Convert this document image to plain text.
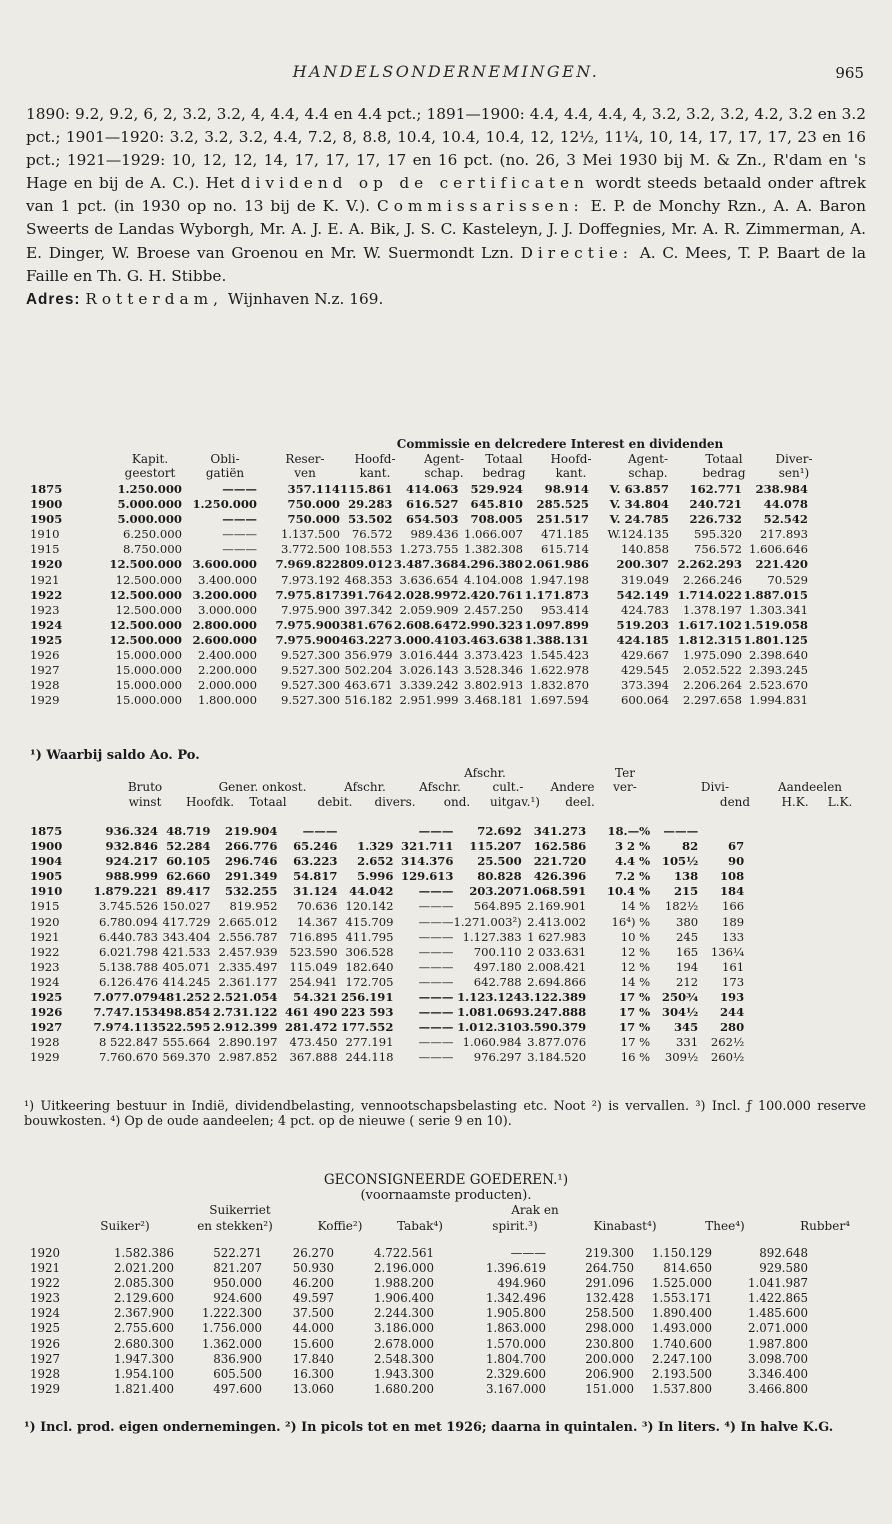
HANDELSONDERNEMINGEN.	965

1890: 9.2, 9.2, 6, 2, 3.2, 3.2, 4, 4.4, 4.4 en 4.4 pct.; 1891—1900: 4.4, 4.4, 4.4, 4, 3.2, 3.2, 3.2, 4.2, 3.2 en 3.2 pct.; 1901—1920: 3.2, 3.2, 3.2, 4.4, 7.2, 8, 8.8, 10.4, 10.4, 10.4, 12, 12½, 11¼, 10, 14, 17, 17, 17, 23 en 16 pct.; 1921—1929: 10, 12, 12, 14, 17, 17, 17, 17 en 16 pct. (no. 26, 3 Mei 1930 bij M. & Zn., R'dam en 's Hage en bij de A. C.). Het dividend op de certificaten wordt steeds betaald onder aftrek van 1 pct. (in 1930 op no. 13 bij de K. V.). Commissarissen: E. P. de Monchy Rzn., A. A. Baron Sweerts de Landas Wyborgh, Mr. A. J. E. A. Bik, J. S. C. Kasteleyn, J. J. Doffegnies, Mr. A. R. Zimmerman, A. E. Dinger, W. Broese van Groenou en Mr. W. Suermondt Lzn. Directie: A. C. Mees, T. P. Baart de la Faille en Th. G. H. Stibbe.

Adres: Rotterdam, Wijnhaven N.z. 169.

Commissie en delcredere Interest en dividenden
Kapit.	Obli-	Reser-	Hoofd-	Agent-	Totaal	Hoofd-	Agent-	Totaal	Diver-
geestort	gatiën	ven	kant.	schap.	bedrag	kant.	schap.	bedrag	sen¹)
1875	1.250.000	———	357.114	115.861	414.063	529.924	98.914	V. 63.857	162.771	238.984
1900	5.000.000	1.250.000	750.000	29.283	616.527	645.810	285.525	V. 34.804	240.721	44.078
1905	5.000.000	———	750.000	53.502	654.503	708.005	251.517	V. 24.785	226.732	52.542
1910	6.250.000	———	1.137.500	76.572	989.436	1.066.007	471.185	W.124.135	595.320	217.893
1915	8.750.000	———	3.772.500	108.553	1.273.755	1.382.308	615.714	140.858	756.572	1.606.646
1920	12.500.000	3.600.000	7.969.822	809.012	3.487.368	4.296.380	2.061.986	200.307	2.262.293	221.420
1921	12.500.000	3.400.000	7.973.192	468.353	3.636.654	4.104.008	1.947.198	319.049	2.266.246	70.529
1922	12.500.000	3.200.000	7.975.817	391.764	2.028.997	2.420.761	1.171.873	542.149	1.714.022	1.887.015
1923	12.500.000	3.000.000	7.975.900	397.342	2.059.909	2.457.250	953.414	424.783	1.378.197	1.303.341
1924	12.500.000	2.800.000	7.975.900	381.676	2.608.647	2.990.323	1.097.899	519.203	1.617.102	1.519.058
1925	12.500.000	2.600.000	7.975.900	463.227	3.000.410	3.463.638	1.388.131	424.185	1.812.315	1.801.125
1926	15.000.000	2.400.000	9.527.300	356.979	3.016.444	3.373.423	1.545.423	429.667	1.975.090	2.398.640
1927	15.000.000	2.200.000	9.527.300	502.204	3.026.143	3.528.346	1.622.978	429.545	2.052.522	2.393.245
1928	15.000.000	2.000.000	9.527.300	463.671	3.339.242	3.802.913	1.832.870	373.394	2.206.264	2.523.670
1929	15.000.000	1.800.000	9.527.300	516.182	2.951.999	3.468.181	1.697.594	600.064	2.297.658	1.994.831
¹) Waarbij saldo Ao. Po.
Afschr.	Ter
Bruto	Gener. onkost.	Afschr.	Afschr.	cult.-	Andere	ver-	Divi-	Aandeelen
winst	Hoofdk.	Totaal	debit.	divers.	ond.	uitgav.¹)	deel.	dend	H.K.	L.K.
1875	936.324	48.719	219.904	———		———	72.692	341.273	18.—%	———	
1900	932.846	52.284	266.776	65.246	1.329	321.711	115.207	162.586	3 2 %	82	67
1904	924.217	60.105	296.746	63.223	2.652	314.376	25.500	221.720	4.4 %	105½	90
1905	988.999	62.660	291.349	54.817	5.996	129.613	80.828	426.396	7.2 %	138	108
1910	1.879.221	89.417	532.255	31.124	44.042	———	203.207	1.068.591	10.4 %	215	184
1915	3.745.526	150.027	819.952	70.636	120.142	———	564.895	2.169.901	14 %	182½	166
1920	6.780.094	417.729	2.665.012	14.367	415.709	———	1.271.003²)	2.413.002	16⁴) %	380	189
1921	6.440.783	343.404	2.556.787	716.895	411.795	———	1.127.383	1 627.983	10 %	245	133
1922	6.021.798	421.533	2.457.939	523.590	306.528	———	700.110	2 033.631	12 %	165	136¼
1923	5.138.788	405.071	2.335.497	115.049	182.640	———	497.180	2.008.421	12 %	194	161
1924	6.126.476	414.245	2.361.177	254.941	172.705	———	642.788	2.694.866	14 %	212	173
1925	7.077.079	481.252	2.521.054	54.321	256.191	———	1.123.124	3.122.389	17 %	250¾	193
1926	7.747.153	498.854	2.731.122	461 490	223 593	———	1.081.069	3.247.888	17 %	304½	244
1927	7.974.113	522.595	2.912.399	281.472	177.552	———	1.012.310	3.590.379	17 %	345	280
1928	8 522.847	555.664	2.890.197	473.450	277.191	———	1.060.984	3.877.076	17 %	331	262½
1929	7.760.670	569.370	2.987.852	367.888	244.118	———	976.297	3.184.520	16 %	309½	260½

¹) Uitkeering bestuur in Indië, dividendbelasting, vennootschapsbelasting etc. Noot ²) is vervallen. ³) Incl. ƒ 100.000 reserve bouwkosten. ⁴) Op de oude aandeelen; 4 pct. op de nieuwe ( serie 9 en 10).

GECONSIGNEERDE GOEDEREN.¹)
(voornaamste producten).
Suikerriet	Arak en
Suiker²)	en stekken²)	Koffie²)	Tabak⁴)	spirit.³)	Kinabast⁴)	Thee⁴)	Rubber⁴
1920	1.582.386	522.271	26.270	4.722.561	———	219.300	1.150.129	892.648
1921	2.021.200	821.207	50.930	2.196.000	1.396.619	264.750	814.650	929.580
1922	2.085.300	950.000	46.200	1.988.200	494.960	291.096	1.525.000	1.041.987
1923	2.129.600	924.600	49.597	1.906.400	1.342.496	132.428	1.553.171	1.422.865
1924	2.367.900	1.222.300	37.500	2.244.300	1.905.800	258.500	1.890.400	1.485.600
1925	2.755.600	1.756.000	44.000	3.186.000	1.863.000	298.000	1.493.000	2.071.000
1926	2.680.300	1.362.000	15.600	2.678.000	1.570.000	230.800	1.740.600	1.987.800
1927	1.947.300	836.900	17.840	2.548.300	1.804.700	200.000	2.247.100	3.098.700
1928	1.954.100	605.500	16.300	1.943.300	2.329.600	206.900	2.193.500	3.346.400
1929	1.821.400	497.600	13.060	1.680.200	3.167.000	151.000	1.537.800	3.466.800

¹) Incl. prod. eigen ondernemingen. ²) In picols tot en met 1926; daarna in quintalen. ³) In liters. ⁴) In halve K.G.
